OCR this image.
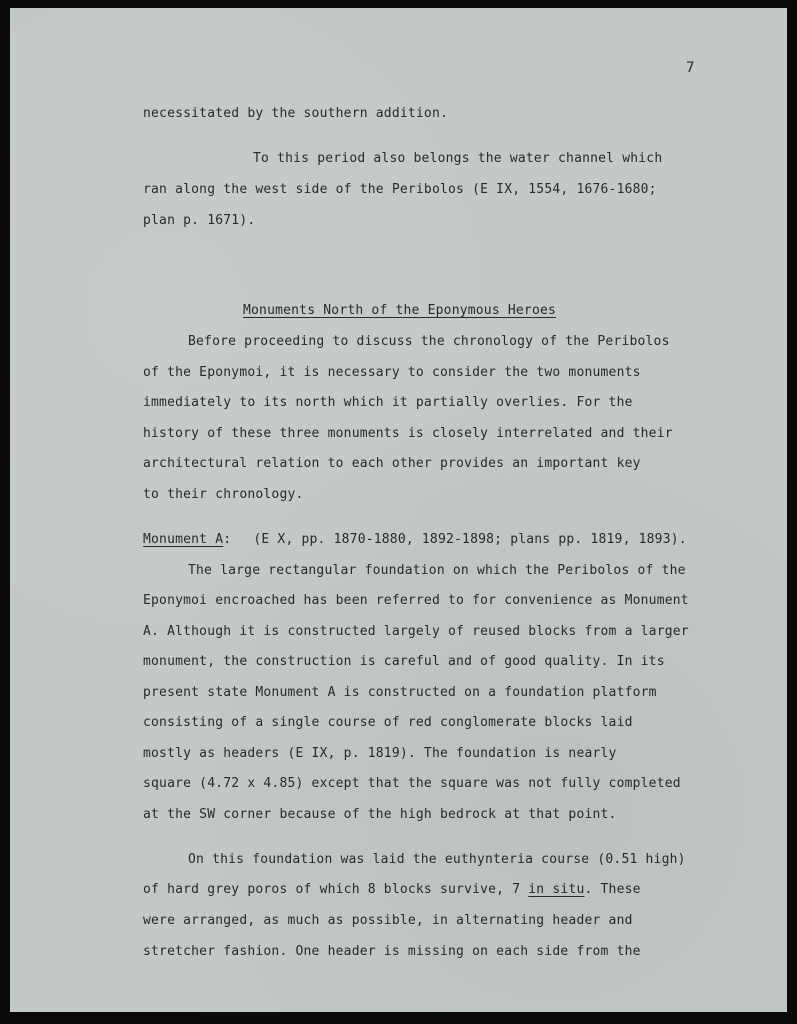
7
necessitated by the southern addition.
To this period also belongs the water channel which
ran along the west side of the Peribolos (E IX, 1554, 1676-1680;
plan p. 1671).
Monuments North of the Eponymous Heroes
Before proceeding to discuss the chronology of the Peribolos
of the Eponymoi, it is necessary to consider the two monuments
immediately to its north which it partially overlies. For the
history of these three monuments is closely interrelated and their
architectural relation to each other provides an important key
to their chronology.
Monument A: (E X, pp. 1870-1880, 1892-1898; plans pp. 1819, 1893).
The large rectangular foundation on which the Peribolos of the
Eponymoi encroached has been referred to for convenience as Monument
A. Although it is constructed largely of reused blocks from a larger
monument, the construction is careful and of good quality. In its
present state Monument A is constructed on a foundation platform
consisting of a single course of red conglomerate blocks laid
mostly as headers (E IX, p. 1819). The foundation is nearly
square (4.72 x 4.85) except that the square was not fully completed
at the SW corner because of the high bedrock at that point.
On this foundation was laid the euthynteria course (0.51 high)
of hard grey poros of which 8 blocks survive, 7 in situ. These
were arranged, as much as possible, in alternating header and
stretcher fashion. One header is missing on each side from the
